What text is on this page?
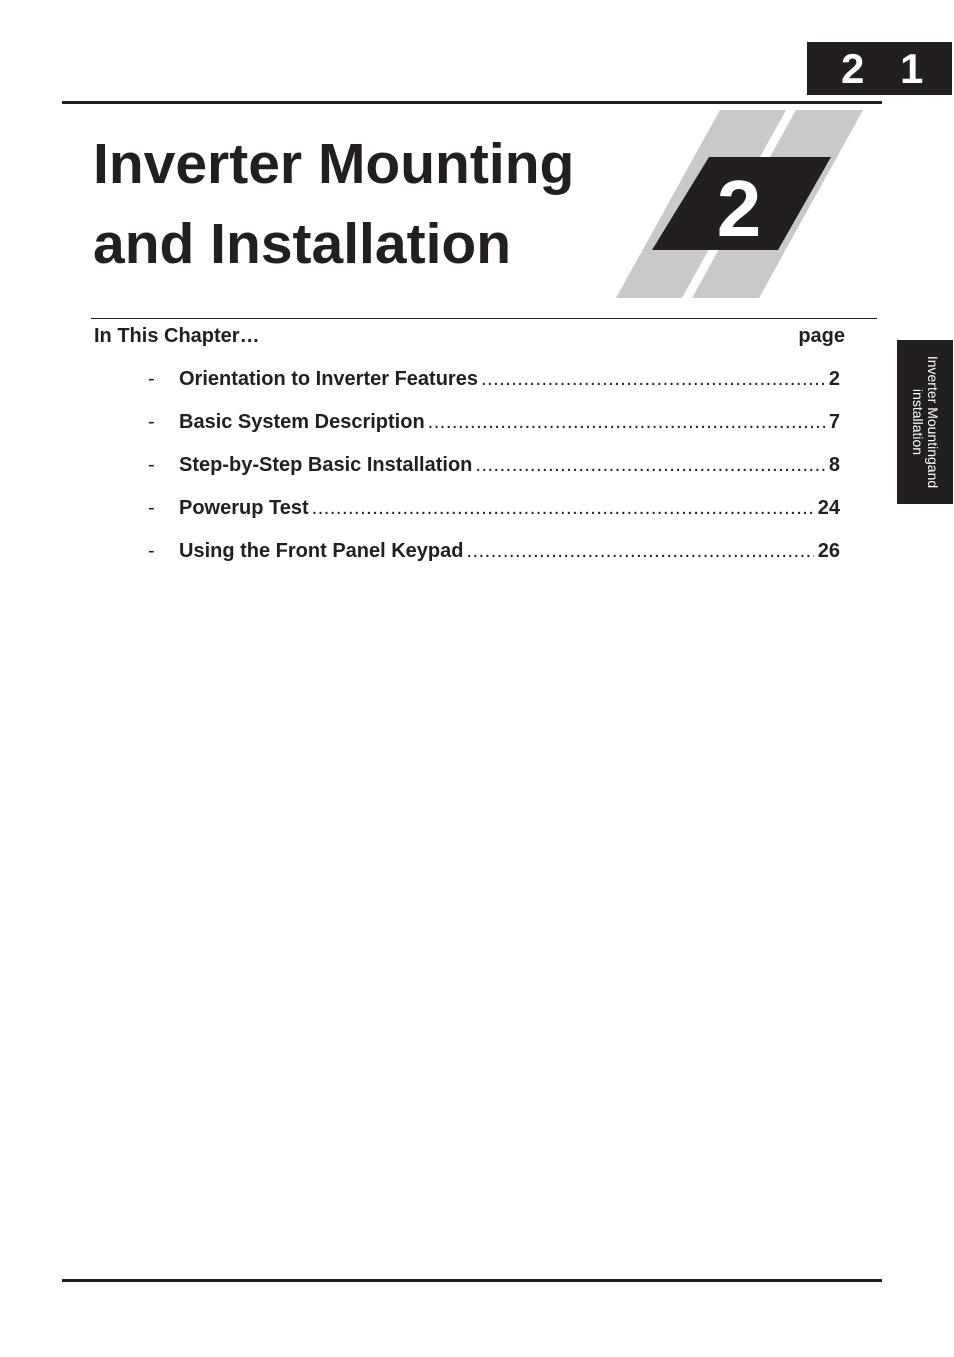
2 1
Inverter Mounting
and Installation	2
In This Chapter…	page
-	Orientation to Inverter Features .....	2
-	Basic System Description .....	7
-	Step-by-Step Basic Installation .....	8
-	Powerup Test .....	24
-	Using the Front Panel Keypad .....	26
Inverter Mountingand
installation
